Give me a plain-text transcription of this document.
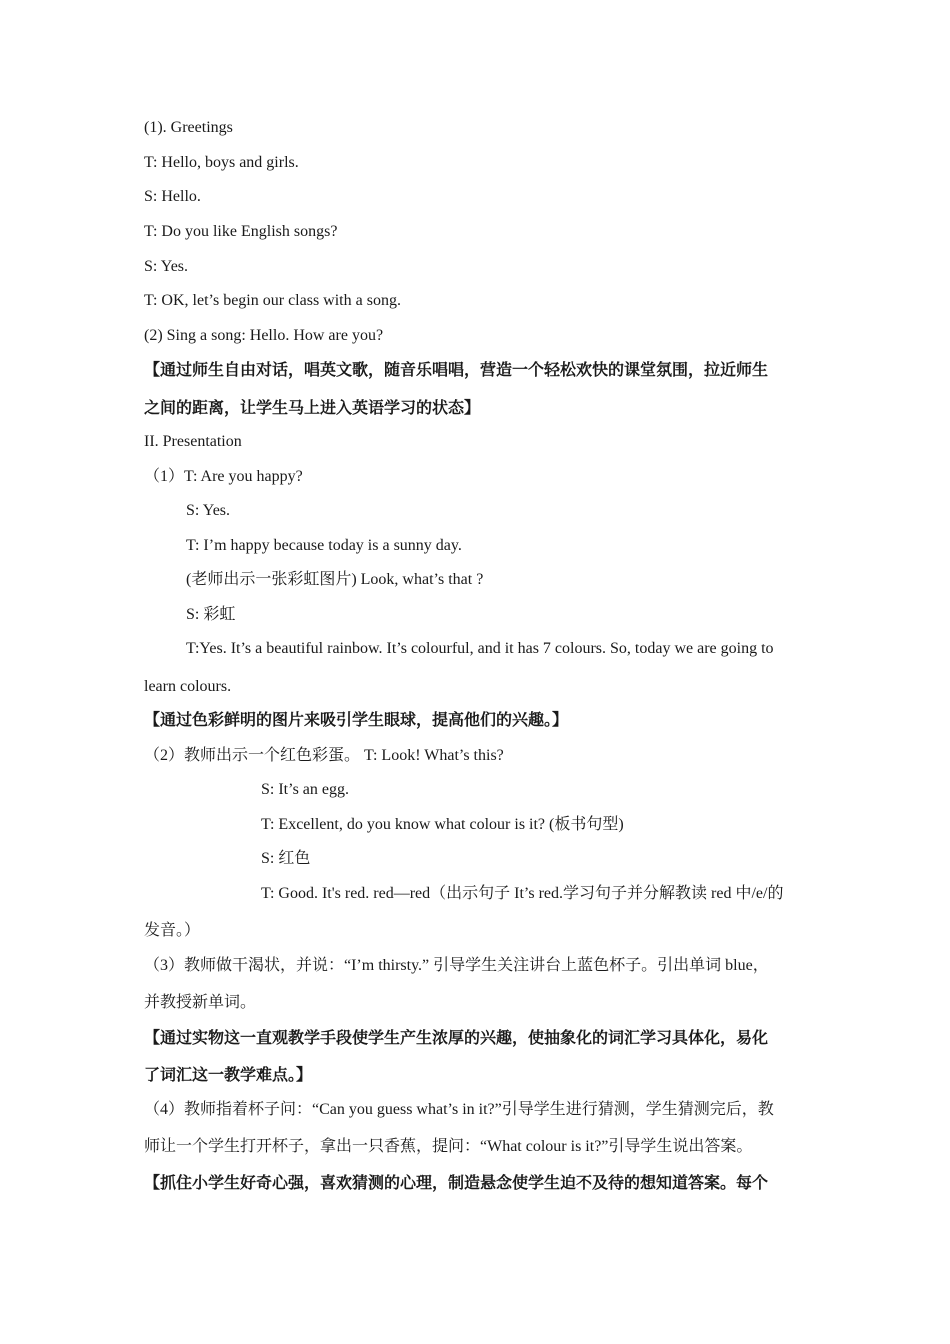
(1). Greetings
T: Hello, boys and girls.
S: Hello.
T: Do you like English songs?
S: Yes.
T: OK, let’s begin our class with a song.
(2) Sing a song: Hello. How are you?
【通过师生自由对话，唱英文歌，随音乐唱唱，营造一个轻松欢快的课堂氛围，拉近师生
之间的距离，让学生马上进入英语学习的状态】
II. Presentation
（1）T: Are you happy?
S: Yes.
T: I’m happy because today is a sunny day.
(老师出示一张彩虹图片) Look, what’s that ?
S: 彩虹
T:Yes. It’s a beautiful rainbow. It’s colourful, and it has 7 colours. So, today we are going to
learn colours.
【通过色彩鲜明的图片来吸引学生眼球，提高他们的兴趣。】
（2）教师出示一个红色彩蛋。 T: Look! What’s this?
S: It’s an egg.
T: Excellent, do you know what colour is it? (板书句型)
S: 红色
T: Good. It's red. red—red（出示句子 It’s red.学习句子并分解教读 red 中/e/的
发音。）
（3）教师做干渴状，并说：“I’m thirsty.” 引导学生关注讲台上蓝色杯子。引出单词 blue，
并教授新单词。
【通过实物这一直观教学手段使学生产生浓厚的兴趣，使抽象化的词汇学习具体化，易化
了词汇这一教学难点。】
（4）教师指着杯子问：“Can you guess what’s in it?”引导学生进行猜测，学生猜测完后，教
师让一个学生打开杯子，拿出一只香蕉，提问：“What colour is it?”引导学生说出答案。
【抓住小学生好奇心强，喜欢猜测的心理，制造悬念使学生迫不及待的想知道答案。每个
